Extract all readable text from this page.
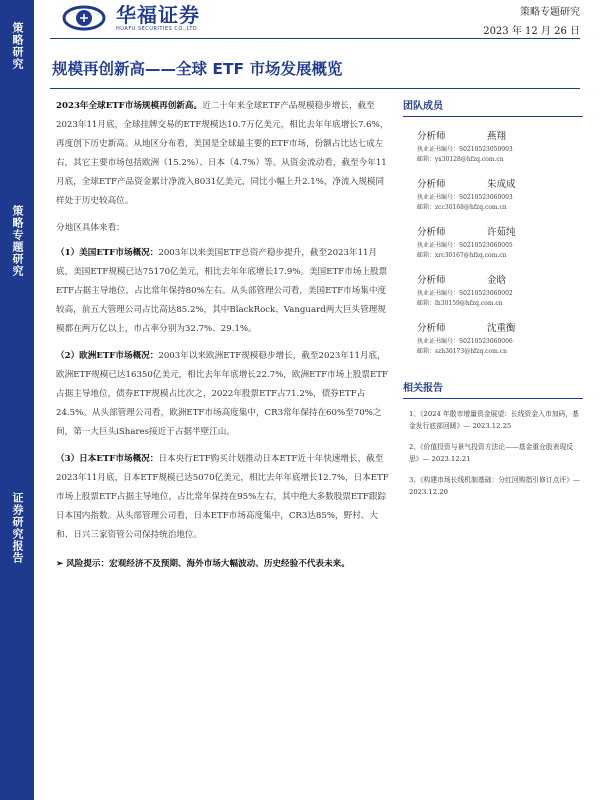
策略研究
策略专题研究
证券研究报告
华福证券
HUAFU SECURITIES CO.,LTD.
策略专题研究
2023 年 12 月 26 日
规模再创新高——全球 ETF 市场发展概览

2023年全球ETF市场规模再创新高。近二十年来全球ETF产品规模稳步增长，截至2023年11月底，全球挂牌交易的ETF规模达10.7万亿美元，相比去年年底增长7.6%，再度创下历史新高。从地区分布看，美国是全球最主要的ETF市场，份额占比达七成左右，其它主要市场包括欧洲（15.2%）、日本（4.7%）等。从资金流动看，截至今年11月底，全球ETF产品资金累计净流入8031亿美元，同比小幅上升2.1%，净流入规模同样处于历史较高位。

分地区具体来看：

（1）美国ETF市场概况：2003年以来美国ETF总资产稳步提升，截至2023年11月底，美国ETF规模已达75170亿美元，相比去年年底增长17.9%。美国ETF市场上股票ETF占据主导地位，占比常年保持80%左右。从头部管理公司看，美国ETF市场集中度较高，前五大管理公司占比高达85.2%，其中BlackRock、Vanguard两大巨头管理规模都在两万亿以上，市占率分别为32.7%、29.1%。

（2）欧洲ETF市场概况：2003年以来欧洲ETF规模稳步增长，截至2023年11月底，欧洲ETF规模已达16350亿美元，相比去年年底增长22.7%，欧洲ETF市场上股票ETF占据主导地位，债券ETF规模占比次之，2022年股票ETF占71.2%，债券ETF占24.5%。从头部管理公司看，欧洲ETF市场高度集中，CR3常年保持在60%至70%之间，第一大巨头iShares接近于占据半壁江山。

（3）日本ETF市场概况：日本央行ETF购买计划推动日本ETF近十年快速增长，截至2023年11月底，日本ETF规模已达5070亿美元，相比去年年底增长12.7%，日本ETF市场上股票ETF占据主导地位，占比常年保持在95%左右，其中绝大多数股票ETF跟踪日本国内指数。从头部管理公司看，日本ETF市场高度集中，CR3达85%，野村、大和、日兴三家资管公司保持统治地位。

➢ 风险提示：宏观经济不及预期、海外市场大幅波动、历史经验不代表未来。

团队成员
分析师	燕翔
执业证书编号：S0210523050003
邮箱：yx30128@hfzq.com.cn
分析师	朱成成
执业证书编号：S0210523060003
邮箱：zcc30168@hfzq.com.cn
分析师	许茹纯
执业证书编号：S0210523060005
邮箱：xrc30167@hfzq.com.cn
分析师	金晗
执业证书编号：S0210523060002
邮箱：lh30159@hfzq.com.cn
分析师	沈重衡
执业证书编号：S0210523060006
邮箱：szh30173@hfzq.com.cn
相关报告
1、《2024 年散市增量资金展望：长线资金入市加码，基金发行底部回暖》— 2023.12.25
2、《价值投资与景气投资方法论——基金重仓股表现反思》— 2023.12.21
3、《构建市场长线机制基础：分红回购指引修订点评》— 2023.12.20
